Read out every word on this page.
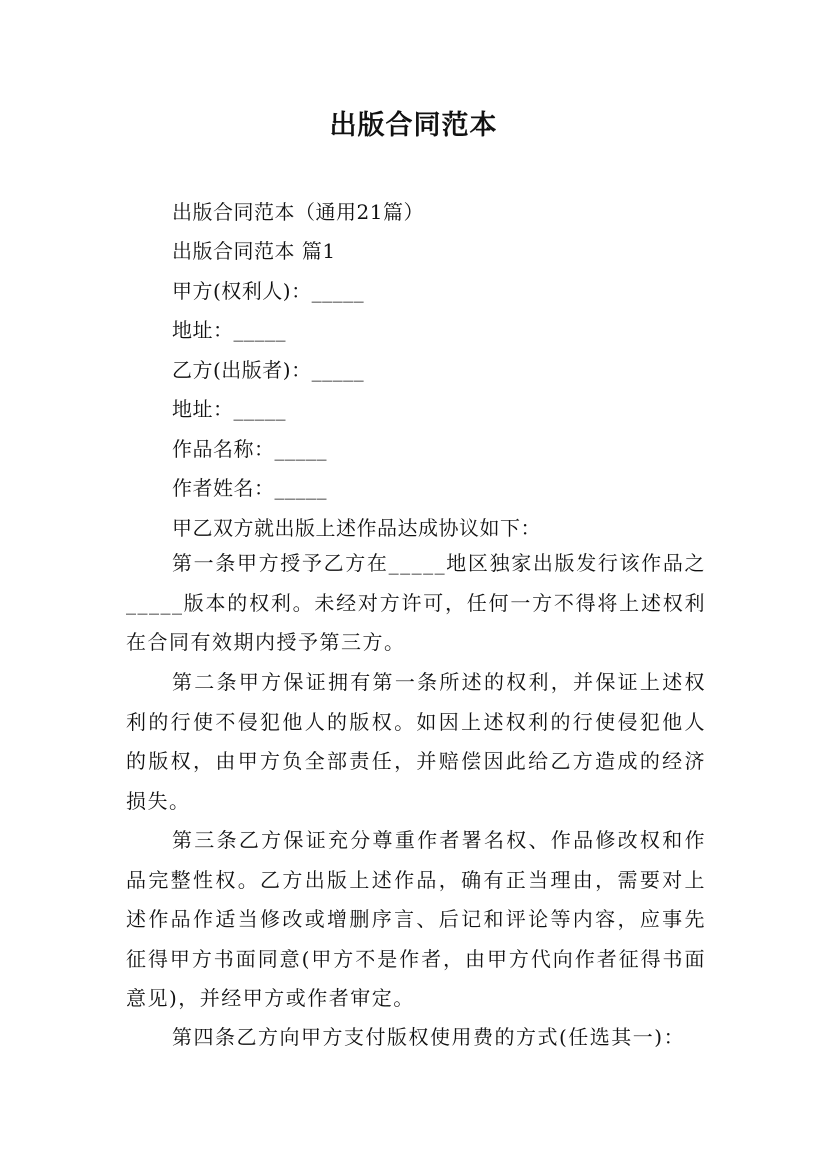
出版合同范本

出版合同范本（通用21篇）

出版合同范本 篇1

甲方(权利人)：_____

地址：_____

乙方(出版者)：_____

地址：_____

作品名称：_____

作者姓名：_____

甲乙双方就出版上述作品达成协议如下：

第一条甲方授予乙方在_____地区独家出版发行该作品之_____版本的权利。未经对方许可，任何一方不得将上述权利在合同有效期内授予第三方。

第二条甲方保证拥有第一条所述的权利，并保证上述权利的行使不侵犯他人的版权。如因上述权利的行使侵犯他人的版权，由甲方负全部责任，并赔偿因此给乙方造成的经济损失。

第三条乙方保证充分尊重作者署名权、作品修改权和作品完整性权。乙方出版上述作品，确有正当理由，需要对上述作品作适当修改或增删序言、后记和评论等内容，应事先征得甲方书面同意(甲方不是作者，由甲方代向作者征得书面意见)，并经甲方或作者审定。

第四条乙方向甲方支付版权使用费的方式(任选其一)：
